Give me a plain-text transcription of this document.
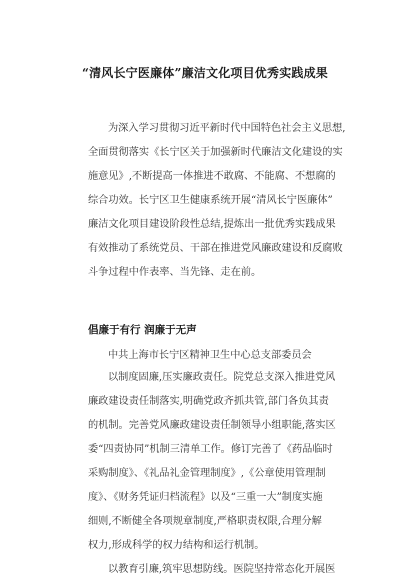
“清风长宁医廉体”廉洁文化项目优秀实践成果
为深入学习贯彻习近平新时代中国特色社会主义思想,
全面贯彻落实《长宁区关于加强新时代廉洁文化建设的实
施意见》,不断提高一体推进不敢腐、不能腐、不想腐的
综合功效。长宁区卫生健康系统开展“清风长宁医廉体”
廉洁文化项目建设阶段性总结,提炼出一批优秀实践成果
有效推动了系统党员、干部在推进党风廉政建设和反腐败
斗争过程中作表率、当先锋、走在前。
倡廉于有行 润廉于无声
中共上海市长宁区精神卫生中心总支部委员会
以制度固廉,压实廉政责任。院党总支深入推进党风
廉政建设责任制落实,明确党政齐抓共管,部门各负其责
的机制。完善党风廉政建设责任制领导小组职能,落实区
委“四责协同”机制三清单工作。修订完善了《药品临时
采购制度》、《礼品礼金管理制度》,《公章使用管理制
度》、《财务凭证归档流程》以及“三重一大”制度实施
细则,不断健全各项规章制度,严格职责权限,合理分解
权力,形成科学的权力结构和运行机制。
以教育引廉,筑牢思想防线。医院坚持常态化开展医
